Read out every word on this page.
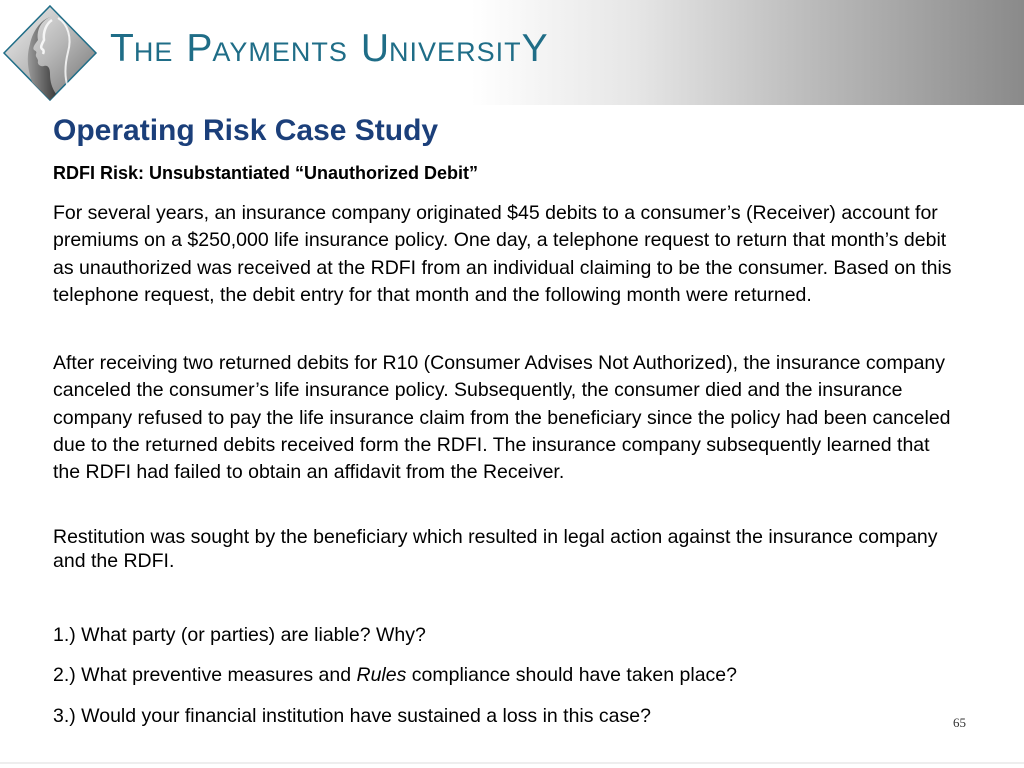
THE PAYMENTS UNIVERSITY
Operating Risk Case Study
RDFI Risk: Unsubstantiated “Unauthorized Debit”

For several years, an insurance company originated $45 debits to a consumer’s (Receiver) account for premiums on a $250,000 life insurance policy. One day, a telephone request to return that month’s debit as unauthorized was received at the RDFI from an individual claiming to be the consumer. Based on this telephone request, the debit entry for that month and the following month were returned.

After receiving two returned debits for R10 (Consumer Advises Not Authorized), the insurance company canceled the consumer’s life insurance policy. Subsequently, the consumer died and the insurance company refused to pay the life insurance claim from the beneficiary since the policy had been canceled due to the returned debits received form the RDFI. The insurance company subsequently learned that the RDFI had failed to obtain an affidavit from the Receiver.

Restitution was sought by the beneficiary which resulted in legal action against the insurance company and the RDFI.

1.) What party (or parties) are liable? Why?

2.) What preventive measures and Rules compliance should have taken place?

3.) Would your financial institution have sustained a loss in this case?	65
